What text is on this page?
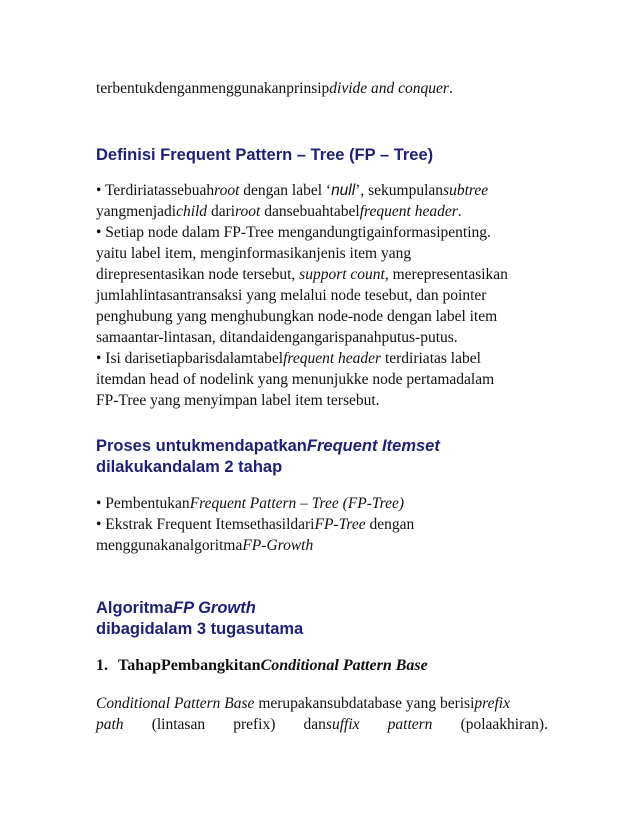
terbentukdenganmenggunakanprinsipdivide and conquer.
Definisi Frequent Pattern – Tree (FP – Tree)
• Terdiriatassebuahroot dengan label ‘null’, sekumpulansubtree
yangmenjadichild dariroot dansebuahtabelfrequent header.
• Setiap node dalam FP-Tree mengandungtigainformasipenting.
yaitu label item, menginformasikanjenis item yang
direpresentasikan node tersebut, support count, merepresentasikan
jumlahlintasantransaksi yang melalui node tesebut, dan pointer
penghubung yang menghubungkan node-node dengan label item
samaantar-lintasan, ditandaidengangarispanahputus-putus.
• Isi darisetiapbarisdalamtabelfrequent header terdiriatas label
itemdan head of nodelink yang menunjukke node pertamadalam
FP-Tree yang menyimpan label item tersebut.
Proses untukmendapatkanFrequent Itemset
dilakukandalam 2 tahap
• PembentukanFrequent Pattern – Tree (FP-Tree)
• Ekstrak Frequent ItemsethasildariFP-Tree dengan
menggunakanalgoritmaFP-Growth
AlgoritmaFP Growth
dibagidalam 3 tugasutama
1. TahapPembangkitanConditional Pattern Base
Conditional Pattern Base merupakansubdatabase yang berisiprefix
path (lintasan prefix) dansuffix pattern (polaakhiran).
